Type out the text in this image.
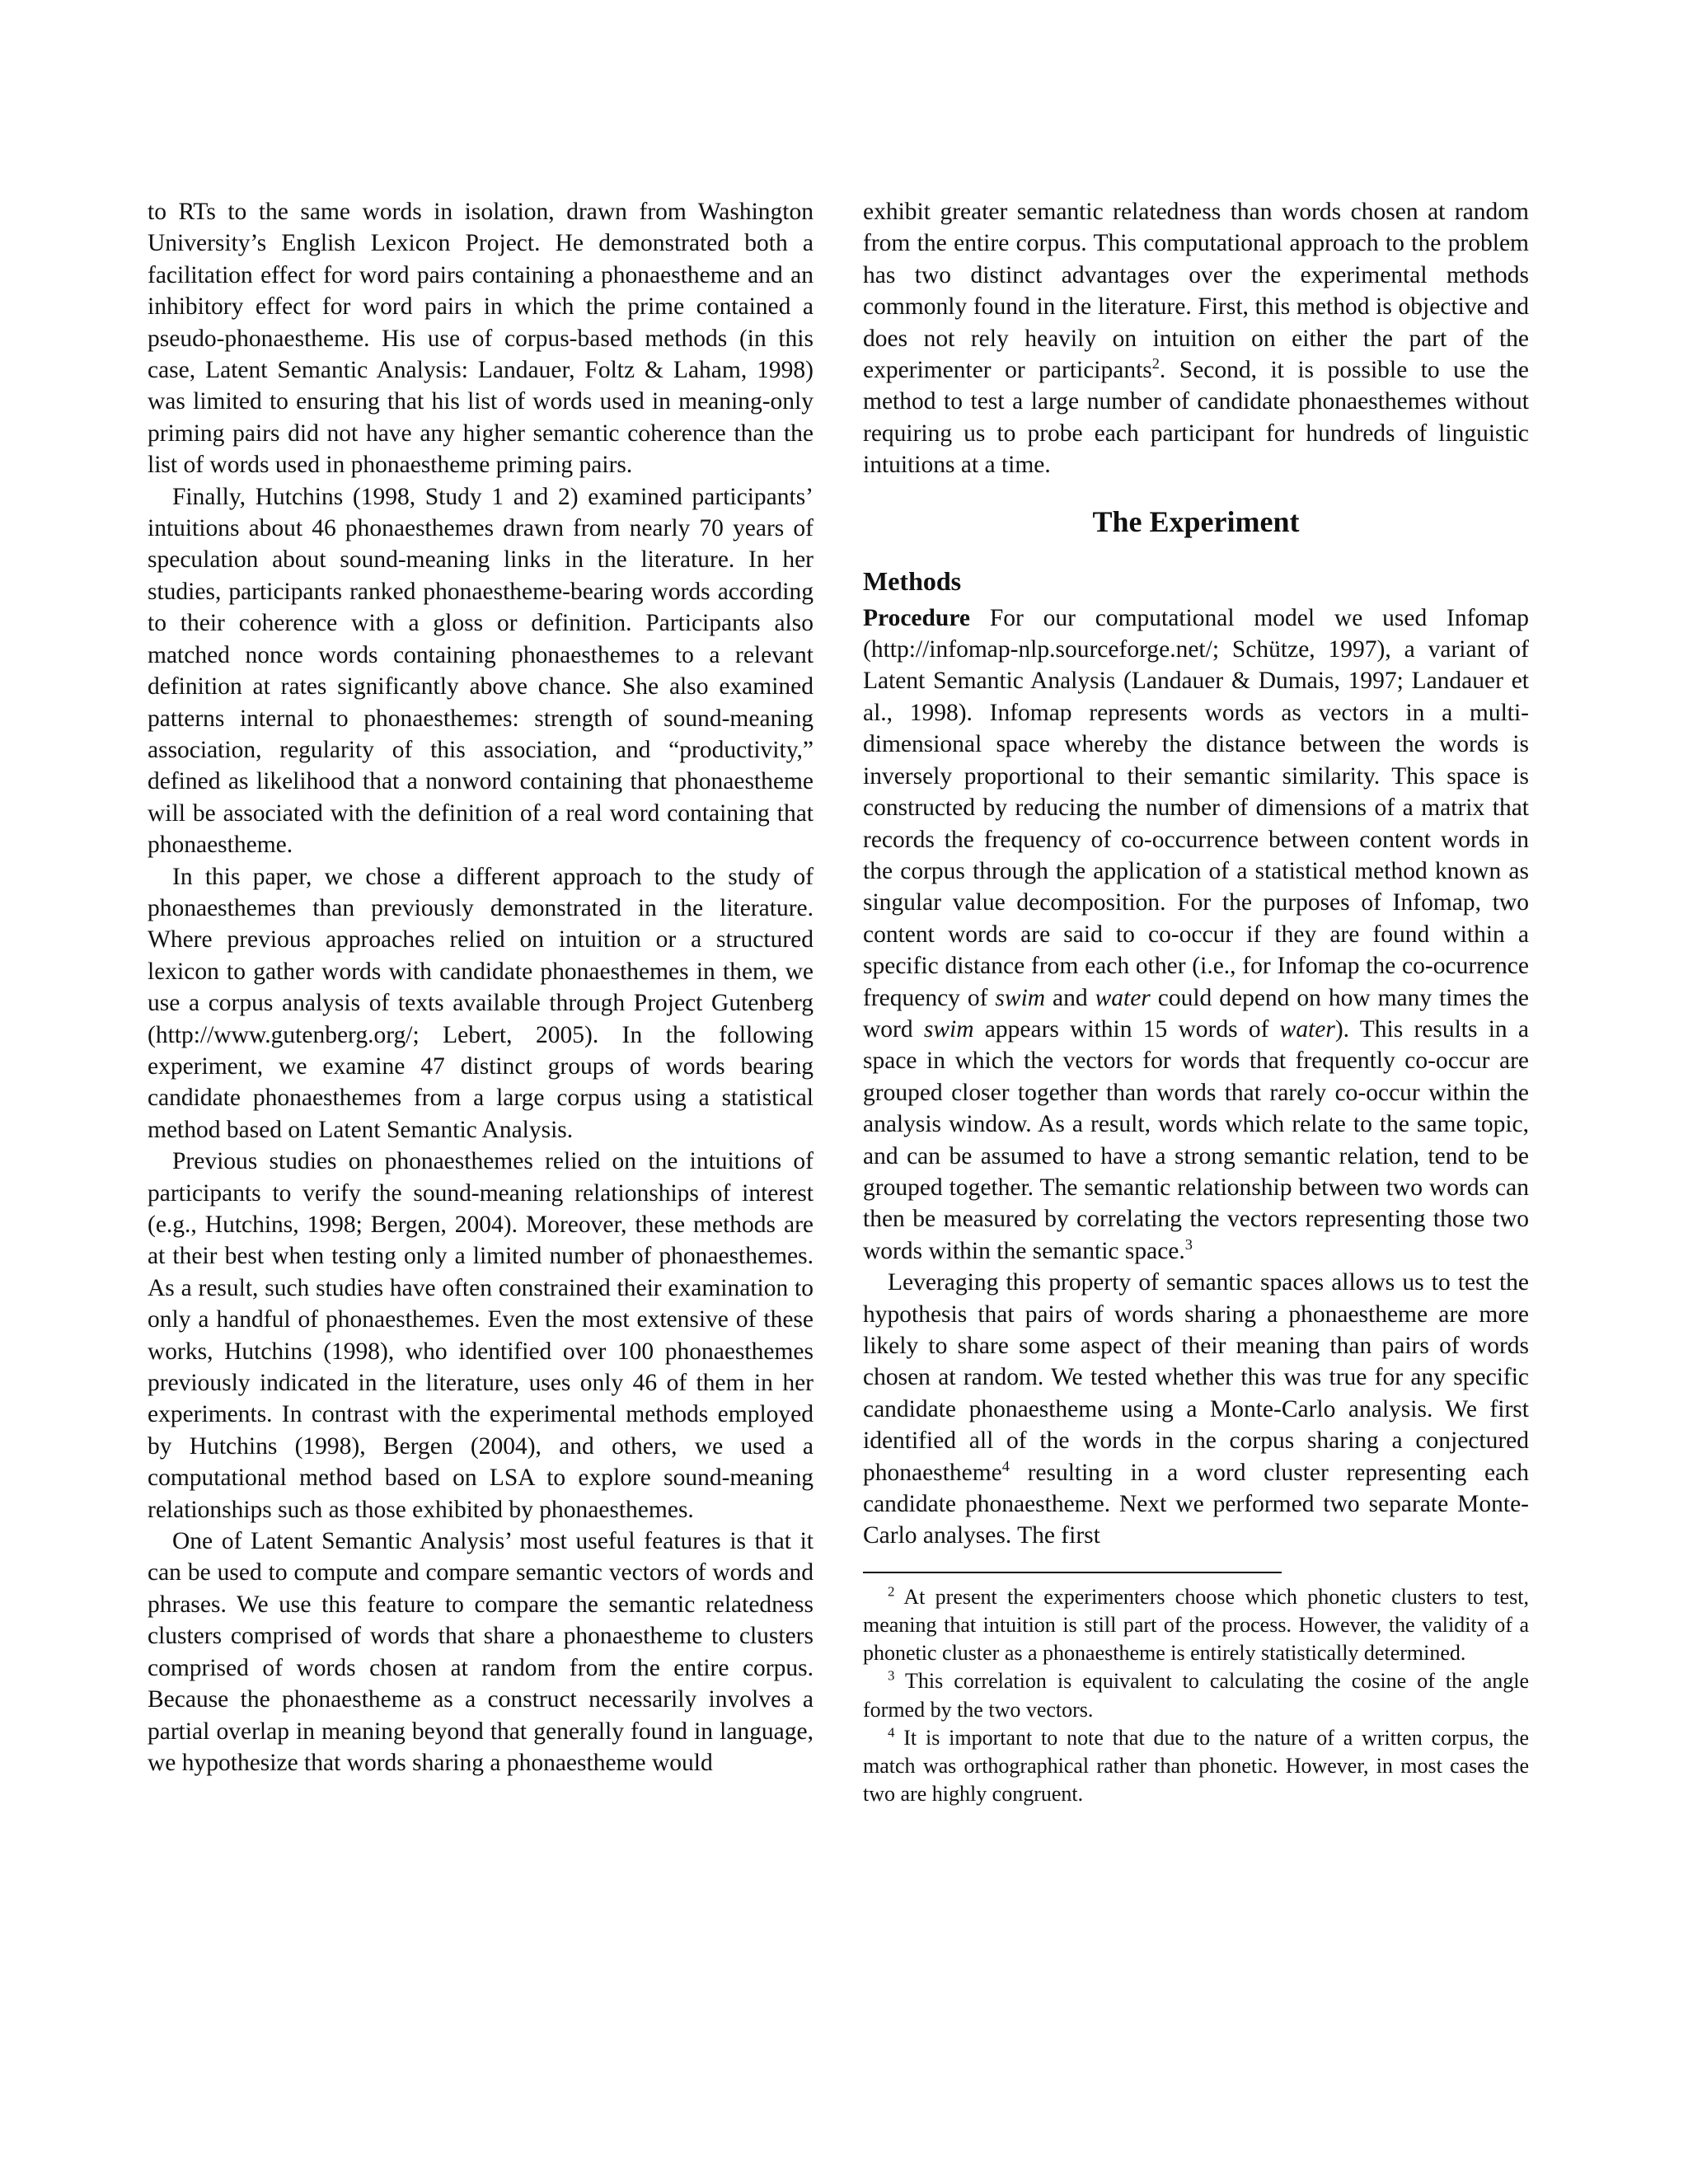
to RTs to the same words in isolation, drawn from Washington University’s English Lexicon Project. He demonstrated both a facilitation effect for word pairs containing a phonaestheme and an inhibitory effect for word pairs in which the prime contained a pseudo-phonaestheme. His use of corpus-based methods (in this case, Latent Semantic Analysis: Landauer, Foltz & Laham, 1998) was limited to ensuring that his list of words used in meaning-only priming pairs did not have any higher semantic coherence than the list of words used in phonaestheme priming pairs.

Finally, Hutchins (1998, Study 1 and 2) examined participants’ intuitions about 46 phonaesthemes drawn from nearly 70 years of speculation about sound-meaning links in the literature. In her studies, participants ranked phonaestheme-bearing words according to their coherence with a gloss or definition. Participants also matched nonce words containing phonaesthemes to a relevant definition at rates significantly above chance. She also examined patterns internal to phonaesthemes: strength of sound-meaning association, regularity of this association, and “productivity,” defined as likelihood that a nonword containing that phonaestheme will be associated with the definition of a real word containing that phonaestheme.

In this paper, we chose a different approach to the study of phonaesthemes than previously demonstrated in the literature. Where previous approaches relied on intuition or a structured lexicon to gather words with candidate phonaesthemes in them, we use a corpus analysis of texts available through Project Gutenberg (http://www.gutenberg.org/; Lebert, 2005). In the following experiment, we examine 47 distinct groups of words bearing candidate phonaesthemes from a large corpus using a statistical method based on Latent Semantic Analysis.

Previous studies on phonaesthemes relied on the intuitions of participants to verify the sound-meaning relationships of interest (e.g., Hutchins, 1998; Bergen, 2004). Moreover, these methods are at their best when testing only a limited number of phonaesthemes. As a result, such studies have often constrained their examination to only a handful of phonaesthemes. Even the most extensive of these works, Hutchins (1998), who identified over 100 phonaesthemes previously indicated in the literature, uses only 46 of them in her experiments. In contrast with the experimental methods employed by Hutchins (1998), Bergen (2004), and others, we used a computational method based on LSA to explore sound-meaning relationships such as those exhibited by phonaesthemes.

One of Latent Semantic Analysis’ most useful features is that it can be used to compute and compare semantic vectors of words and phrases. We use this feature to compare the semantic relatedness clusters comprised of words that share a phonaestheme to clusters comprised of words chosen at random from the entire corpus. Because the phonaestheme as a construct necessarily involves a partial overlap in meaning beyond that generally found in language, we hypothesize that words sharing a phonaestheme would

exhibit greater semantic relatedness than words chosen at random from the entire corpus. This computational approach to the problem has two distinct advantages over the experimental methods commonly found in the literature. First, this method is objective and does not rely heavily on intuition on either the part of the experimenter or participants$^2$. Second, it is possible to use the method to test a large number of candidate phonaesthemes without requiring us to probe each participant for hundreds of linguistic intuitions at a time.

The Experiment
Methods

Procedure For our computational model we used Infomap (http://infomap-nlp.sourceforge.net/; Schütze, 1997), a variant of Latent Semantic Analysis (Landauer & Dumais, 1997; Landauer et al., 1998). Infomap represents words as vectors in a multi-dimensional space whereby the distance between the words is inversely proportional to their semantic similarity. This space is constructed by reducing the number of dimensions of a matrix that records the frequency of co-occurrence between content words in the corpus through the application of a statistical method known as singular value decomposition. For the purposes of Infomap, two content words are said to co-occur if they are found within a specific distance from each other (i.e., for Infomap the co-ocurrence frequency of swim and water could depend on how many times the word swim appears within 15 words of water). This results in a space in which the vectors for words that frequently co-occur are grouped closer together than words that rarely co-occur within the analysis window. As a result, words which relate to the same topic, and can be assumed to have a strong semantic relation, tend to be grouped together. The semantic relationship between two words can then be measured by correlating the vectors representing those two words within the semantic space.$^3$

Leveraging this property of semantic spaces allows us to test the hypothesis that pairs of words sharing a phonaestheme are more likely to share some aspect of their meaning than pairs of words chosen at random. We tested whether this was true for any specific candidate phonaestheme using a Monte-Carlo analysis. We first identified all of the words in the corpus sharing a conjectured phonaestheme$^4$ resulting in a word cluster representing each candidate phonaestheme. Next we performed two separate Monte-Carlo analyses. The first

$^2$ At present the experimenters choose which phonetic clusters to test, meaning that intuition is still part of the process. However, the validity of a phonetic cluster as a phonaestheme is entirely statistically determined.

$^3$ This correlation is equivalent to calculating the cosine of the angle formed by the two vectors.

$^4$ It is important to note that due to the nature of a written corpus, the match was orthographical rather than phonetic. However, in most cases the two are highly congruent.
